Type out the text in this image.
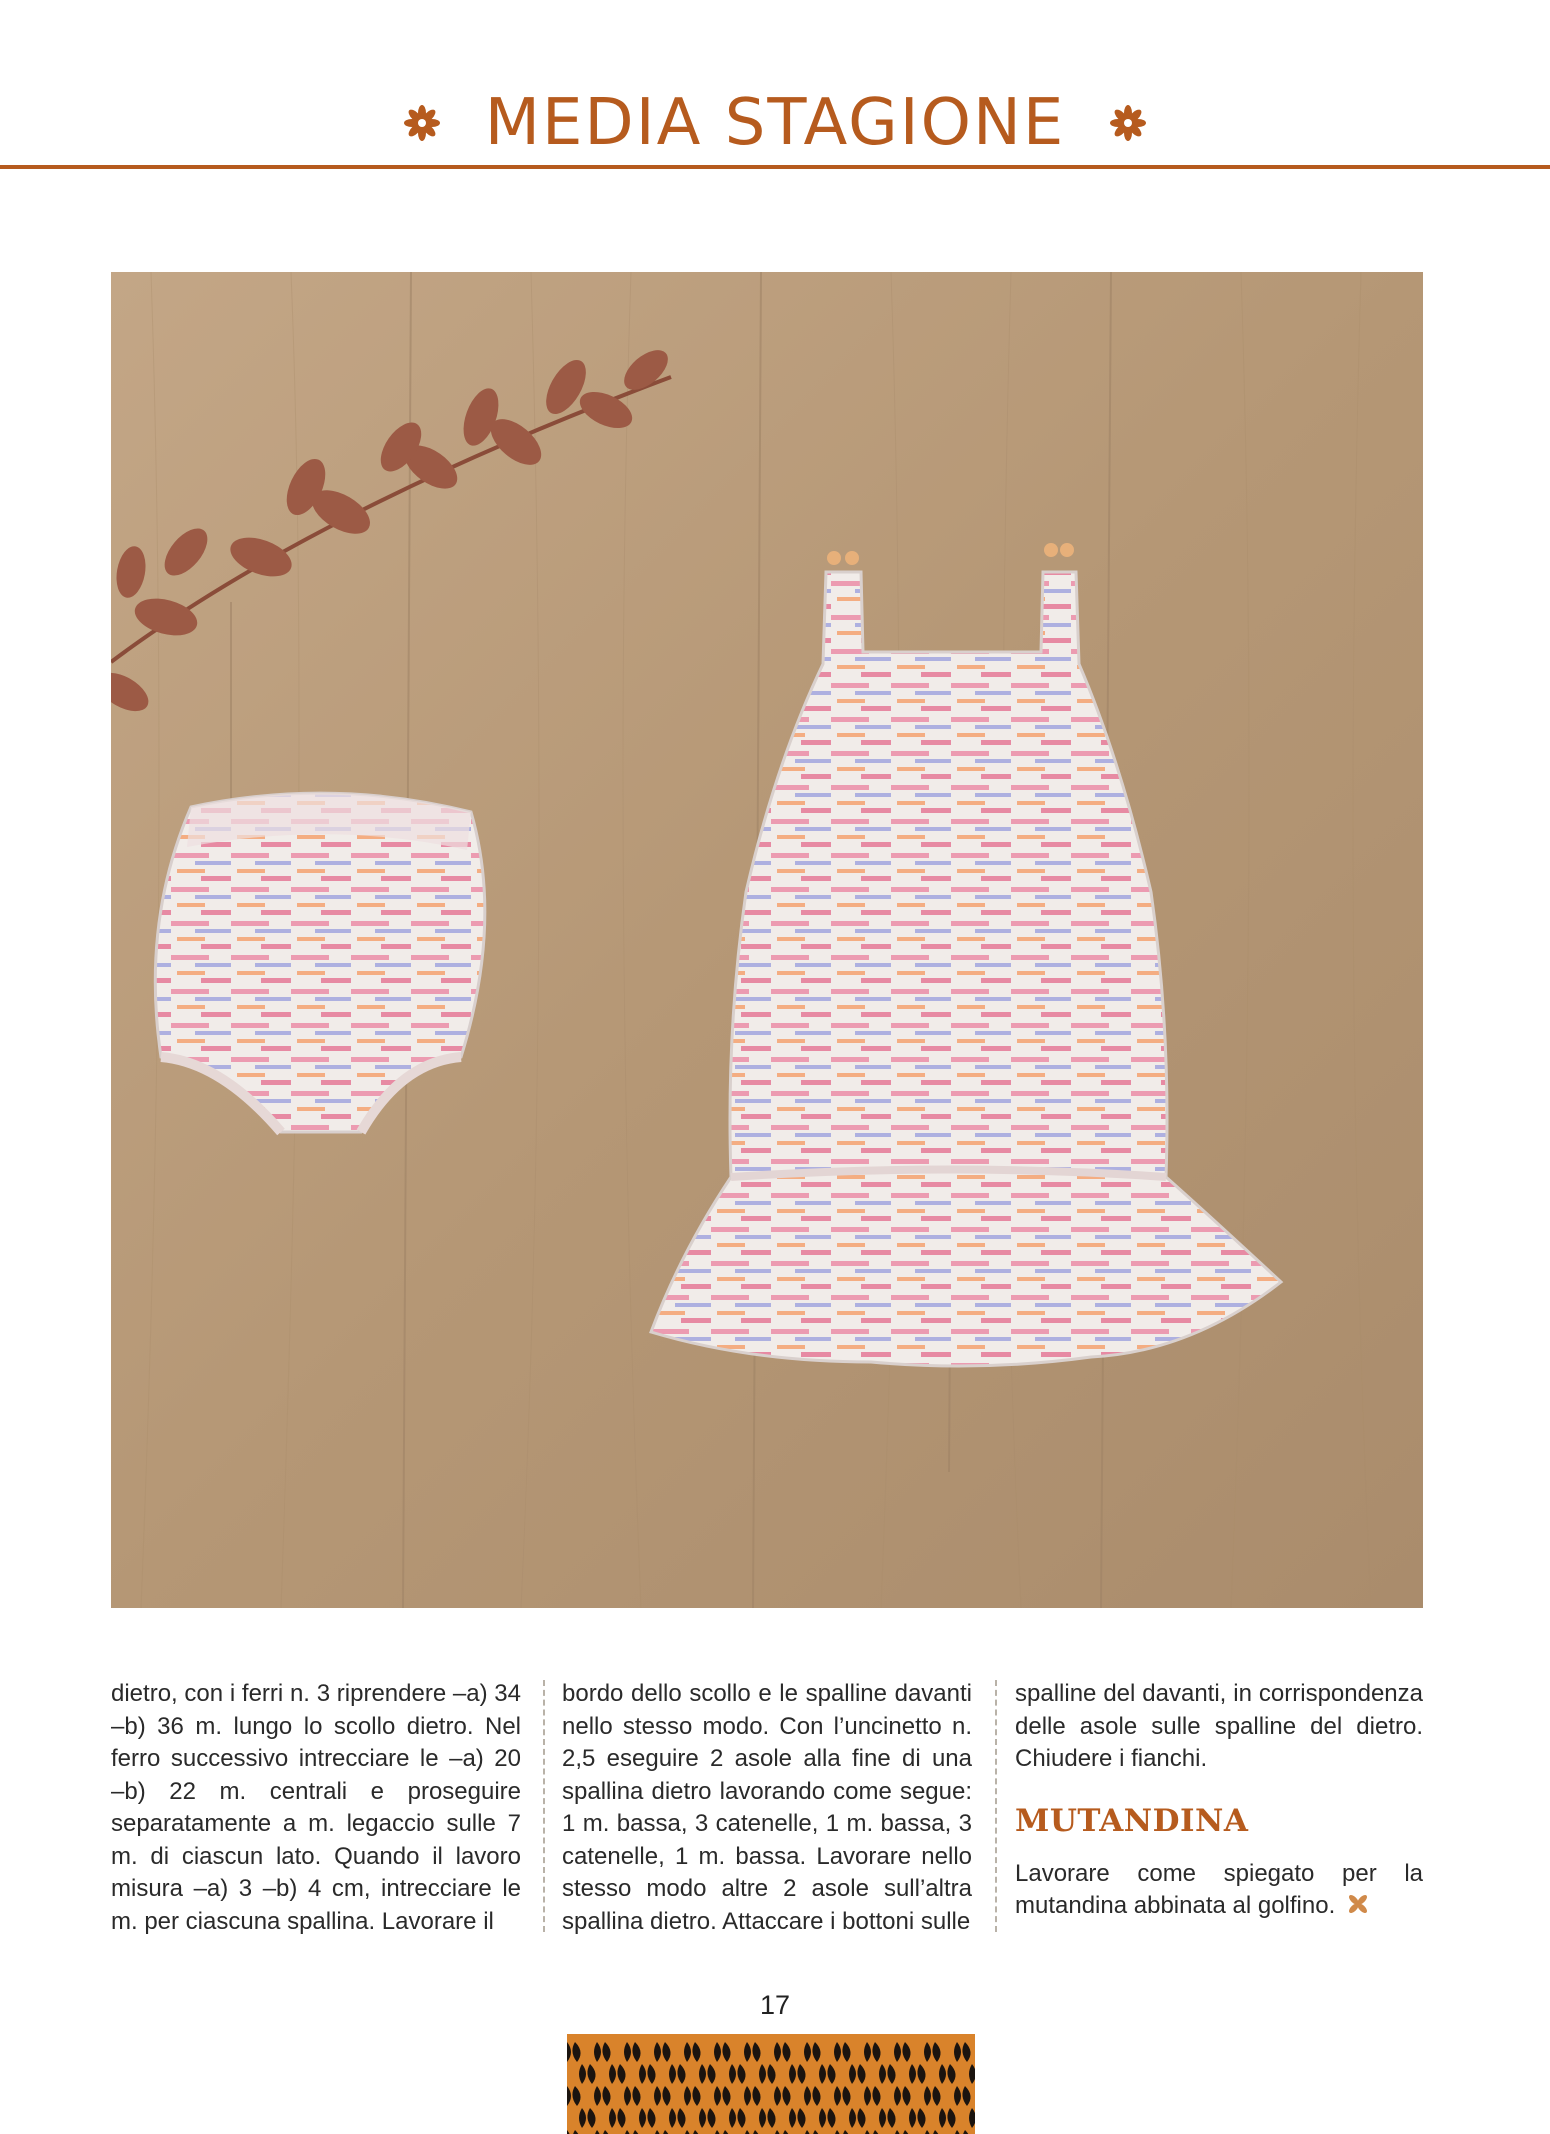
MEDIA STAGIONE
dietro, con i ferri n. 3 riprendere –a) 34 –b) 36 m. lungo lo scollo dietro. Nel ferro successivo intrecciare le –a) 20 –b) 22 m. centrali e proseguire separatamente a m. legaccio sulle 7 m. di ciascun lato. Quando il lavoro misura –a) 3 –b) 4 cm, intrecciare le m. per ciascuna spallina. Lavorare il
bordo dello scollo e le spalline davanti nello stesso modo. Con l’uncinetto n. 2,5 eseguire 2 asole alla fine di una spallina dietro lavorando come segue: 1 m. bassa, 3 catenelle, 1 m. bassa, 3 catenelle, 1 m. bassa. Lavorare nello stesso modo altre 2 asole sull’altra spallina dietro. Attaccare i bottoni sulle
spalline del davanti, in corrispondenza delle asole sulle spalline del dietro. Chiudere i fianchi.
MUTANDINA
Lavorare come spiegato per la mutandina abbinata al golfino.
17
